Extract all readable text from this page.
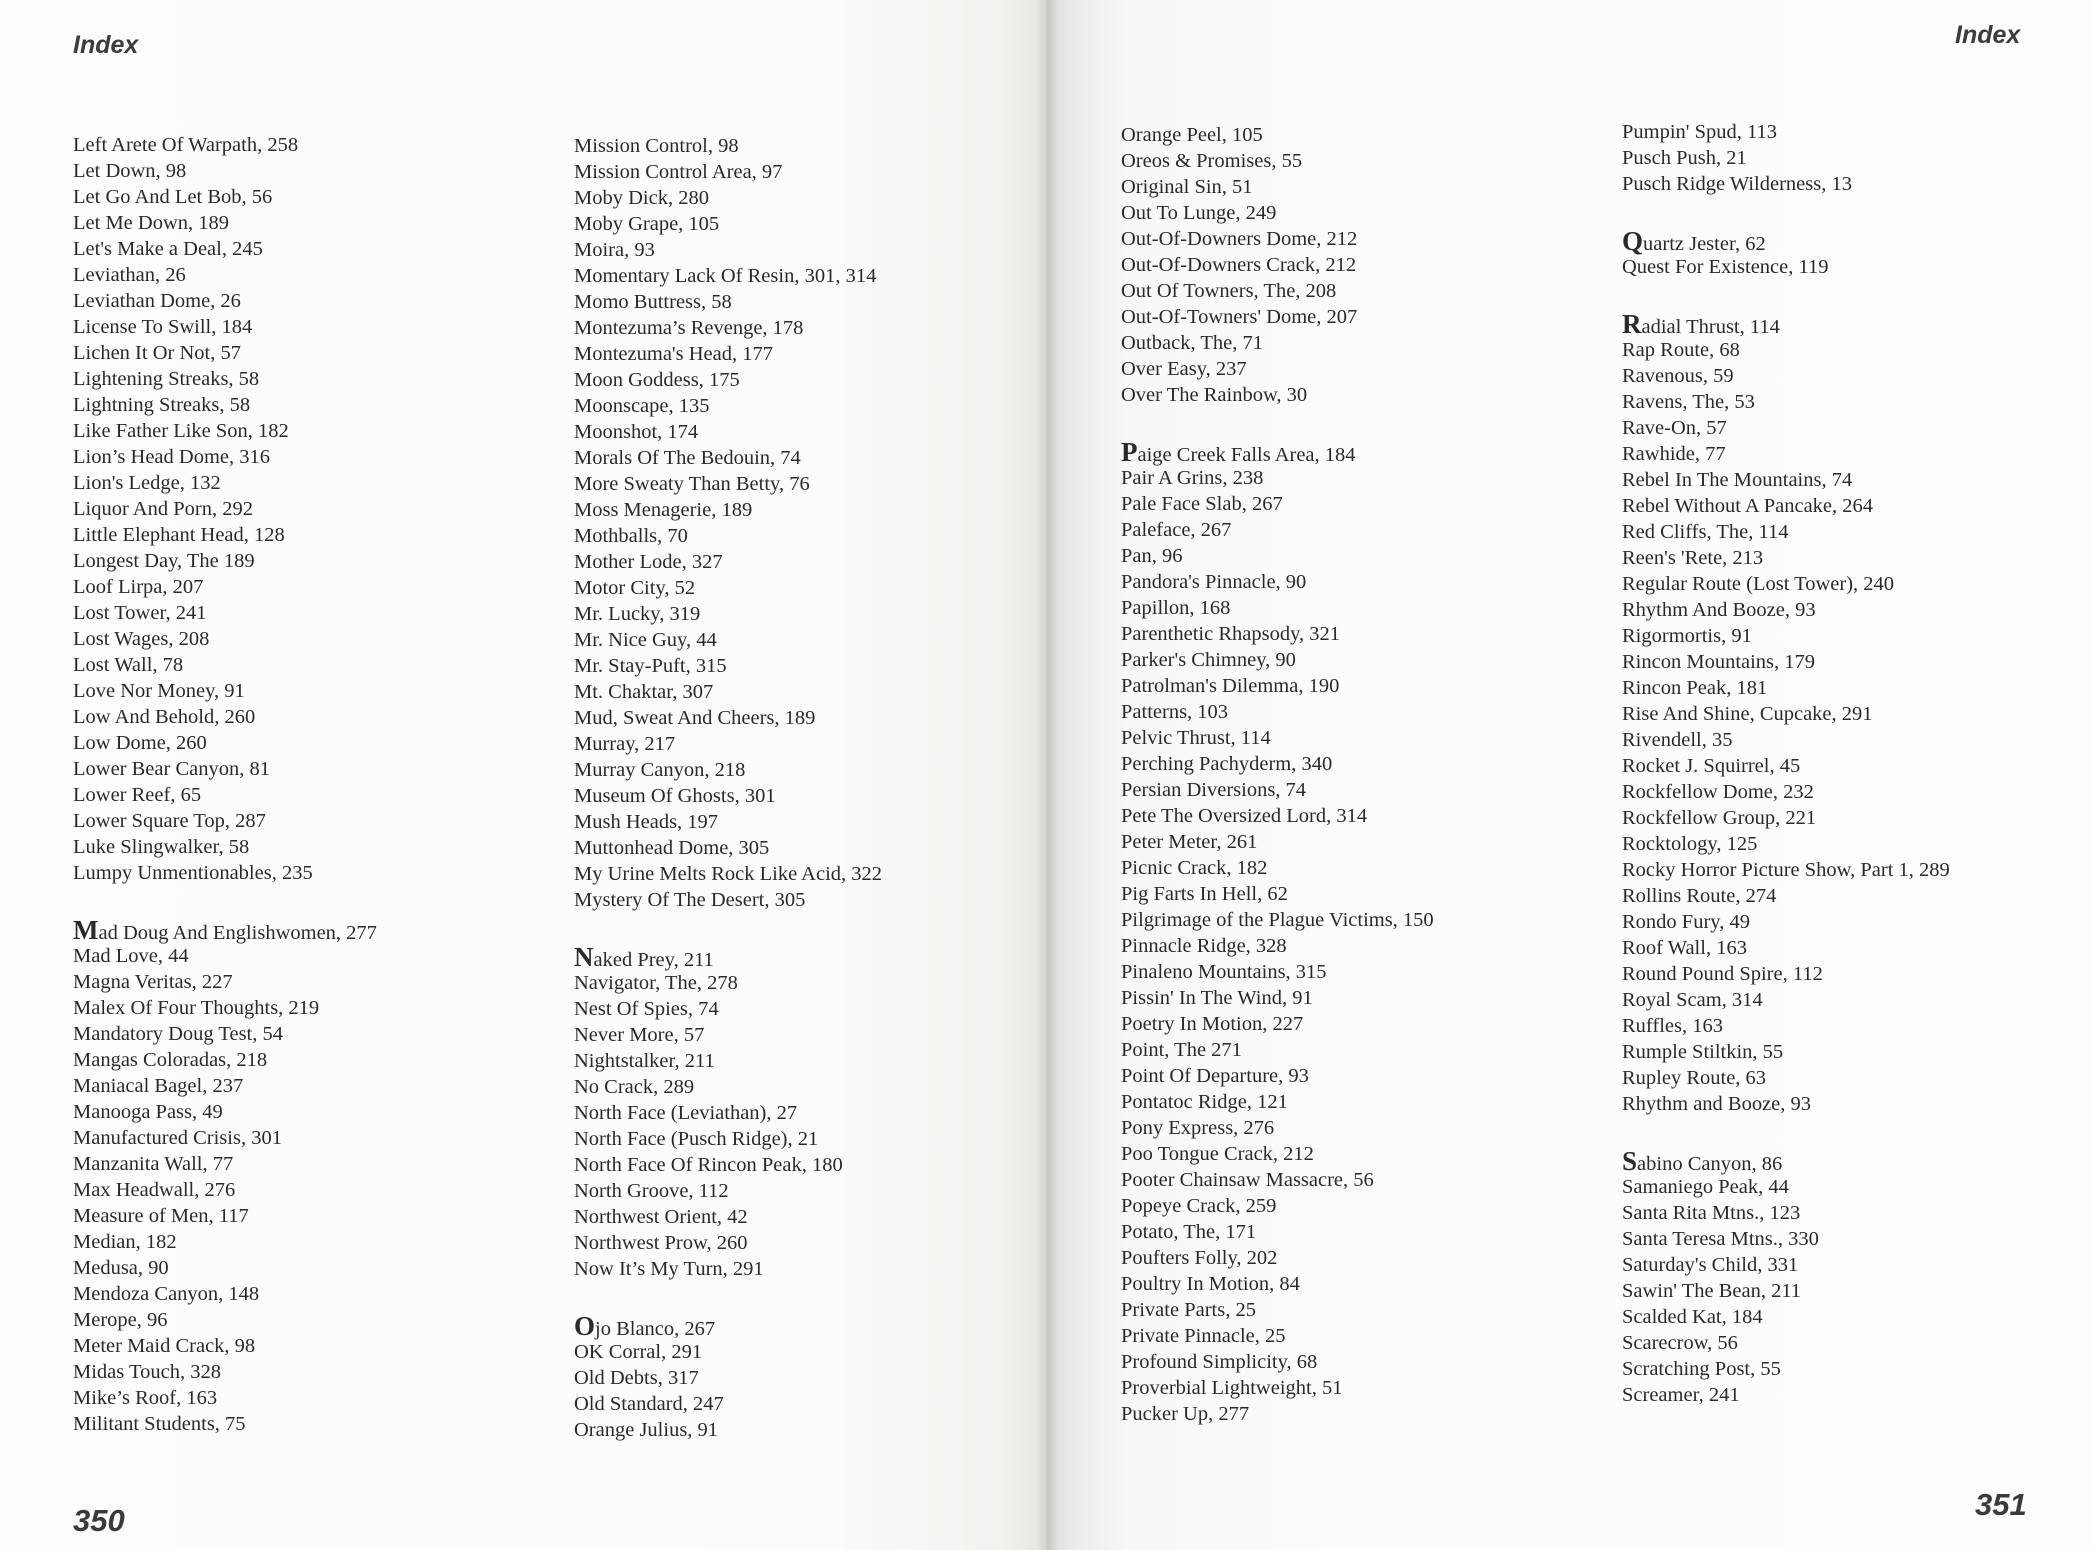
Index
Left Arete Of Warpath, 258
Let Down, 98
Let Go And Let Bob, 56
Let Me Down, 189
Let's Make a Deal, 245
Leviathan, 26
Leviathan Dome, 26
License To Swill, 184
Lichen It Or Not, 57
Lightening Streaks, 58
Lightning Streaks, 58
Like Father Like Son, 182
Lion’s Head Dome, 316
Lion's Ledge, 132
Liquor And Porn, 292
Little Elephant Head, 128
Longest Day, The 189
Loof Lirpa, 207
Lost Tower, 241
Lost Wages, 208
Lost Wall, 78
Love Nor Money, 91
Low And Behold, 260
Low Dome, 260
Lower Bear Canyon, 81
Lower Reef, 65
Lower Square Top, 287
Luke Slingwalker, 58
Lumpy Unmentionables, 235
Mad Doug And Englishwomen, 277
Mad Love, 44
Magna Veritas, 227
Malex Of Four Thoughts, 219
Mandatory Doug Test, 54
Mangas Coloradas, 218
Maniacal Bagel, 237
Manooga Pass, 49
Manufactured Crisis, 301
Manzanita Wall, 77
Max Headwall, 276
Measure of Men, 117
Median, 182
Medusa, 90
Mendoza Canyon, 148
Merope, 96
Meter Maid Crack, 98
Midas Touch, 328
Mike’s Roof, 163
Militant Students, 75
Mission Control, 98
Mission Control Area, 97
Moby Dick, 280
Moby Grape, 105
Moira, 93
Momentary Lack Of Resin, 301, 314
Momo Buttress, 58
Montezuma’s Revenge, 178
Montezuma's Head, 177
Moon Goddess, 175
Moonscape, 135
Moonshot, 174
Morals Of The Bedouin, 74
More Sweaty Than Betty, 76
Moss Menagerie, 189
Mothballs, 70
Mother Lode, 327
Motor City, 52
Mr. Lucky, 319
Mr. Nice Guy, 44
Mr. Stay-Puft, 315
Mt. Chaktar, 307
Mud, Sweat And Cheers, 189
Murray, 217
Murray Canyon, 218
Museum Of Ghosts, 301
Mush Heads, 197
Muttonhead Dome, 305
My Urine Melts Rock Like Acid, 322
Mystery Of The Desert, 305
Naked Prey, 211
Navigator, The, 278
Nest Of Spies, 74
Never More, 57
Nightstalker, 211
No Crack, 289
North Face (Leviathan), 27
North Face (Pusch Ridge), 21
North Face Of Rincon Peak, 180
North Groove, 112
Northwest Orient, 42
Northwest Prow, 260
Now It’s My Turn, 291
Ojo Blanco, 267
OK Corral, 291
Old Debts, 317
Old Standard, 247
Orange Julius, 91
350
Index
Orange Peel, 105
Oreos & Promises, 55
Original Sin, 51
Out To Lunge, 249
Out-Of-Downers Dome, 212
Out-Of-Downers Crack, 212
Out Of Towners, The, 208
Out-Of-Towners' Dome, 207
Outback, The, 71
Over Easy, 237
Over The Rainbow, 30
Paige Creek Falls Area, 184
Pair A Grins, 238
Pale Face Slab, 267
Paleface, 267
Pan, 96
Pandora's Pinnacle, 90
Papillon, 168
Parenthetic Rhapsody, 321
Parker's Chimney, 90
Patrolman's Dilemma, 190
Patterns, 103
Pelvic Thrust, 114
Perching Pachyderm, 340
Persian Diversions, 74
Pete The Oversized Lord, 314
Peter Meter, 261
Picnic Crack, 182
Pig Farts In Hell, 62
Pilgrimage of the Plague Victims, 150
Pinnacle Ridge, 328
Pinaleno Mountains, 315
Pissin' In The Wind, 91
Poetry In Motion, 227
Point, The 271
Point Of Departure, 93
Pontatoc Ridge, 121
Pony Express, 276
Poo Tongue Crack, 212
Pooter Chainsaw Massacre, 56
Popeye Crack, 259
Potato, The, 171
Poufters Folly, 202
Poultry In Motion, 84
Private Parts, 25
Private Pinnacle, 25
Profound Simplicity, 68
Proverbial Lightweight, 51
Pucker Up, 277
Pumpin' Spud, 113
Pusch Push, 21
Pusch Ridge Wilderness, 13
Quartz Jester, 62
Quest For Existence, 119
Radial Thrust, 114
Rap Route, 68
Ravenous, 59
Ravens, The, 53
Rave-On, 57
Rawhide, 77
Rebel In The Mountains, 74
Rebel Without A Pancake, 264
Red Cliffs, The, 114
Reen's 'Rete, 213
Regular Route (Lost Tower), 240
Rhythm And Booze, 93
Rigormortis, 91
Rincon Mountains, 179
Rincon Peak, 181
Rise And Shine, Cupcake, 291
Rivendell, 35
Rocket J. Squirrel, 45
Rockfellow Dome, 232
Rockfellow Group, 221
Rocktology, 125
Rocky Horror Picture Show, Part 1, 289
Rollins Route, 274
Rondo Fury, 49
Roof Wall, 163
Round Pound Spire, 112
Royal Scam, 314
Ruffles, 163
Rumple Stiltkin, 55
Rupley Route, 63
Rhythm and Booze, 93
Sabino Canyon, 86
Samaniego Peak, 44
Santa Rita Mtns., 123
Santa Teresa Mtns., 330
Saturday's Child, 331
Sawin' The Bean, 211
Scalded Kat, 184
Scarecrow, 56
Scratching Post, 55
Screamer, 241
351
